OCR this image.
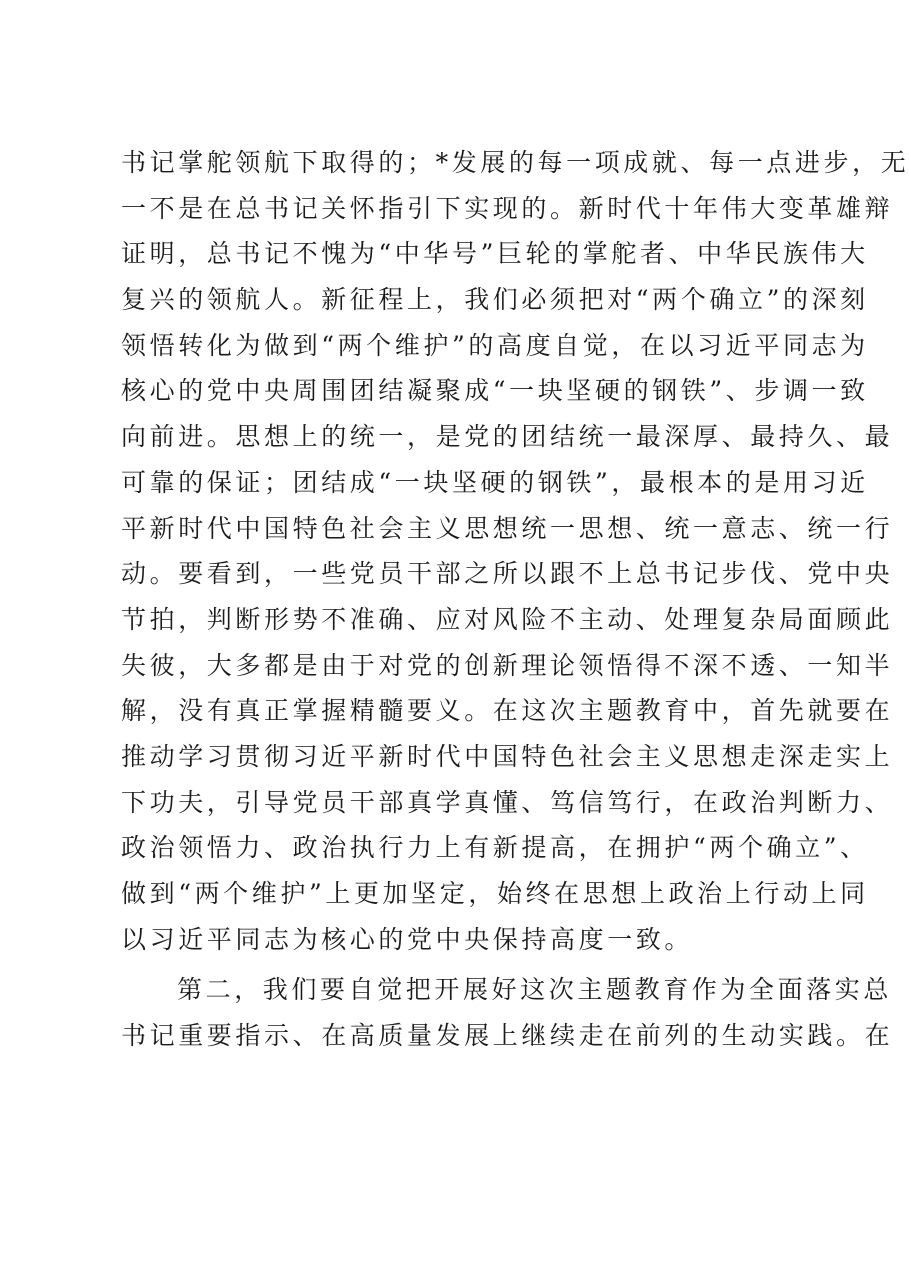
书记掌舵领航下取得的；*发展的每一项成就、每一点进步，无
一不是在总书记关怀指引下实现的。新时代十年伟大变革雄辩
证明，总书记不愧为“中华号”巨轮的掌舵者、中华民族伟大
复兴的领航人。新征程上，我们必须把对“两个确立”的深刻
领悟转化为做到“两个维护”的高度自觉，在以习近平同志为
核心的党中央周围团结凝聚成“一块坚硬的钢铁”、步调一致
向前进。思想上的统一，是党的团结统一最深厚、最持久、最
可靠的保证；团结成“一块坚硬的钢铁”，最根本的是用习近
平新时代中国特色社会主义思想统一思想、统一意志、统一行
动。要看到，一些党员干部之所以跟不上总书记步伐、党中央
节拍，判断形势不准确、应对风险不主动、处理复杂局面顾此
失彼，大多都是由于对党的创新理论领悟得不深不透、一知半
解，没有真正掌握精髓要义。在这次主题教育中，首先就要在
推动学习贯彻习近平新时代中国特色社会主义思想走深走实上
下功夫，引导党员干部真学真懂、笃信笃行，在政治判断力、
政治领悟力、政治执行力上有新提高，在拥护“两个确立”、
做到“两个维护”上更加坚定，始终在思想上政治上行动上同
以习近平同志为核心的党中央保持高度一致。
第二，我们要自觉把开展好这次主题教育作为全面落实总
书记重要指示、在高质量发展上继续走在前列的生动实践。在
